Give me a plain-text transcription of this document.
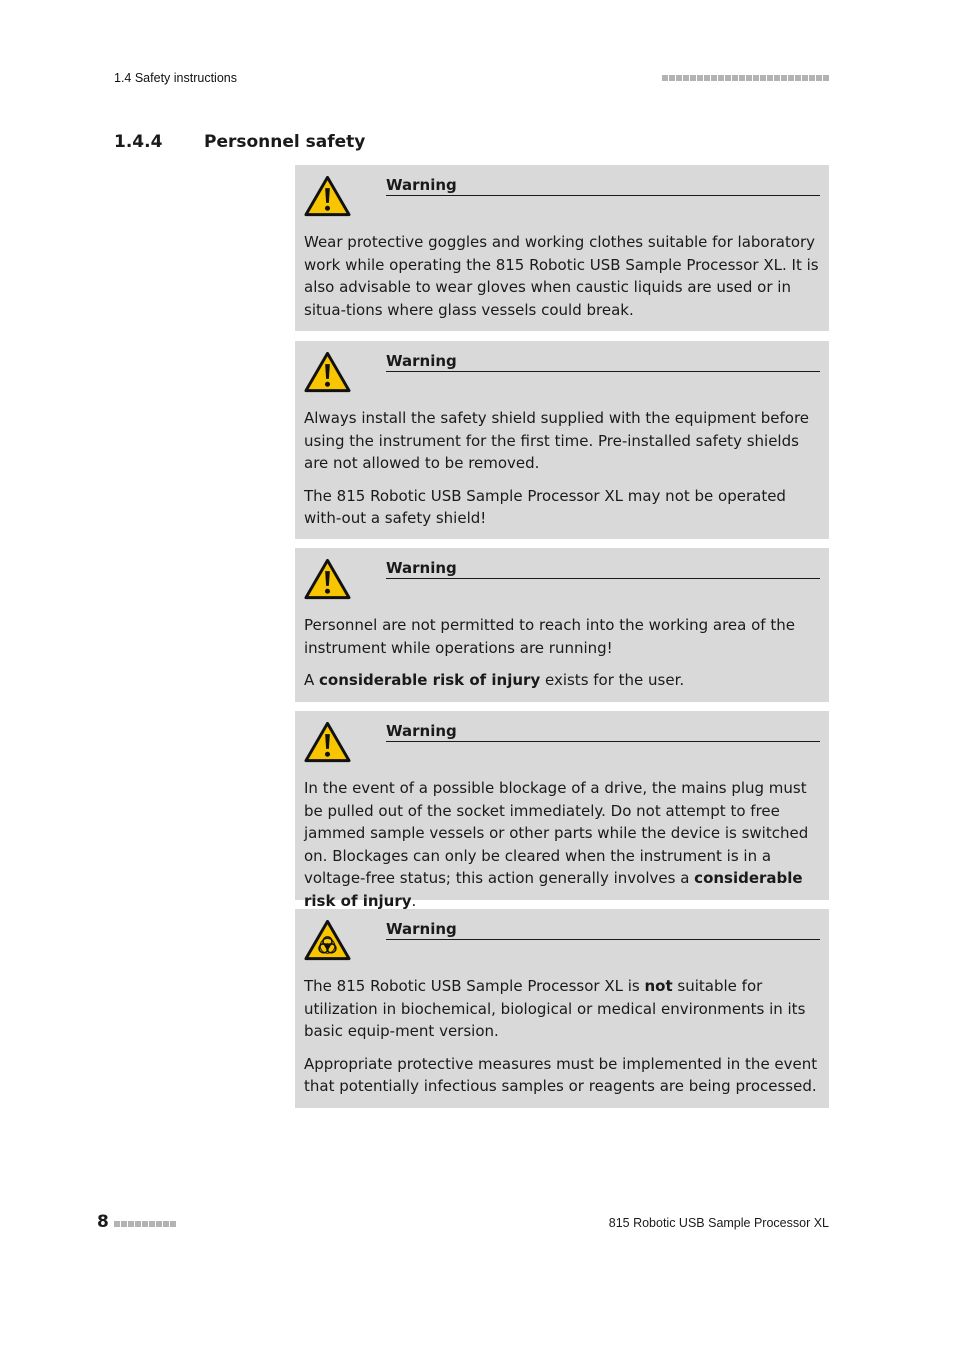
1.4 Safety instructions
1.4.4	Personnel safety
Warning

Wear protective goggles and working clothes suitable for laboratory work while operating the 815 Robotic USB Sample Processor XL. It is also advisable to wear gloves when caustic liquids are used or in situa-tions where glass vessels could break.

Warning

Always install the safety shield supplied with the equipment before using the instrument for the first time. Pre-installed safety shields are not allowed to be removed.

The 815 Robotic USB Sample Processor XL may not be operated with-out a safety shield!

Warning

Personnel are not permitted to reach into the working area of the instrument while operations are running!

A considerable risk of injury exists for the user.

Warning

In the event of a possible blockage of a drive, the mains plug must be pulled out of the socket immediately. Do not attempt to free jammed sample vessels or other parts while the device is switched on. Blockages can only be cleared when the instrument is in a voltage-free status; this action generally involves a considerable risk of injury.

Warning

The 815 Robotic USB Sample Processor XL is not suitable for utilization in biochemical, biological or medical environments in its basic equip-ment version.

Appropriate protective measures must be implemented in the event that potentially infectious samples or reagents are being processed.

8	815 Robotic USB Sample Processor XL
